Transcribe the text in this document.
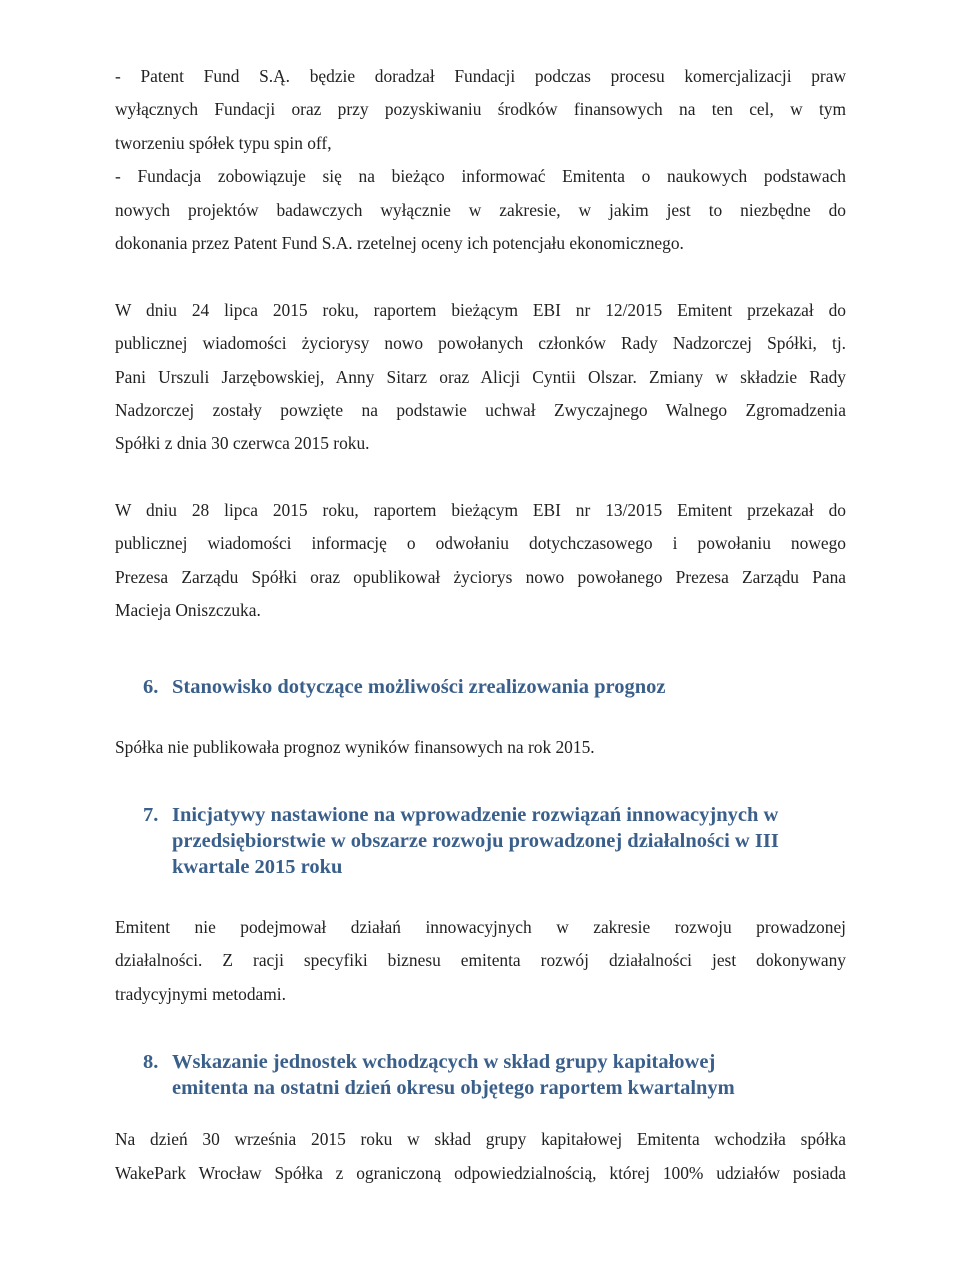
- Patent Fund S.Ą. będzie doradzał Fundacji podczas procesu komercjalizacji praw
wyłącznych Fundacji oraz przy pozyskiwaniu środków finansowych na ten cel, w tym
tworzeniu spółek typu spin off,
- Fundacja zobowiązuje się na bieżąco informować Emitenta o naukowych podstawach
nowych projektów badawczych wyłącznie w zakresie, w jakim jest to niezbędne do
dokonania przez Patent Fund S.A. rzetelnej oceny ich potencjału ekonomicznego.
W dniu 24 lipca 2015 roku, raportem bieżącym EBI nr 12/2015 Emitent przekazał do
publicznej wiadomości życiorysy nowo powołanych członków Rady Nadzorczej Spółki, tj.
Pani Urszuli Jarzębowskiej, Anny Sitarz oraz Alicji Cyntii Olszar. Zmiany w składzie Rady
Nadzorczej zostały powzięte na podstawie uchwał Zwyczajnego Walnego Zgromadzenia
Spółki z dnia 30 czerwca 2015 roku.
W dniu 28 lipca 2015 roku, raportem bieżącym EBI nr 13/2015 Emitent przekazał do
publicznej wiadomości informację o odwołaniu dotychczasowego i powołaniu nowego
Prezesa Zarządu Spółki oraz opublikował życiorys nowo powołanego Prezesa Zarządu Pana
Macieja Oniszczuka.
6. Stanowisko dotyczące możliwości zrealizowania prognoz
Spółka nie publikowała prognoz wyników finansowych na rok 2015.
7. Inicjatywy nastawione na wprowadzenie rozwiązań innowacyjnych w
przedsiębiorstwie w obszarze rozwoju prowadzonej działalności w III
kwartale 2015 roku
Emitent nie podejmował działań innowacyjnych w zakresie rozwoju prowadzonej
działalności. Z racji specyfiki biznesu emitenta rozwój działalności jest dokonywany
tradycyjnymi metodami.
8. Wskazanie jednostek wchodzących w skład grupy kapitałowej
emitenta na ostatni dzień okresu objętego raportem kwartalnym
Na dzień 30 września 2015 roku w skład grupy kapitałowej Emitenta wchodziła spółka
WakePark Wrocław Spółka z ograniczoną odpowiedzialnością, której 100% udziałów posiada
